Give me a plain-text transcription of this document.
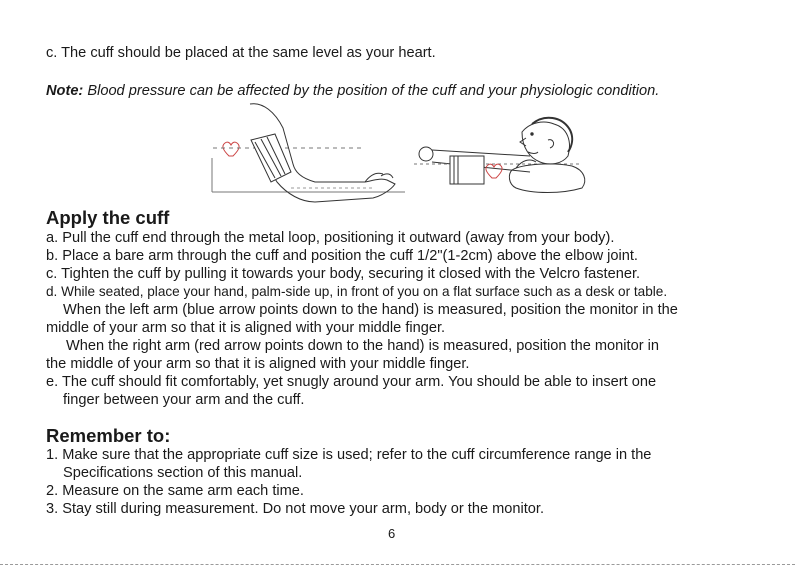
c. The cuff should be placed at the same level as your heart.
Note: Blood pressure can be affected by the position of the cuff and your physiologic condition.
Apply the cuff
a. Pull the cuff end through the metal loop, positioning it outward (away from your body).
b. Place a bare arm through the cuff and position the cuff 1/2"(1-2cm) above the elbow joint.
c. Tighten the cuff by pulling it towards your body, securing it closed with the Velcro fastener.
d. While seated, place your hand, palm-side up, in front of you on a flat surface such as a desk or table.
When the left arm (blue arrow points down to the hand) is measured, position the monitor in the
middle of your arm so that it is aligned with your middle finger.
When the right arm (red arrow points down to the hand) is measured, position the monitor in
the middle of your arm so that it is aligned with your middle finger.
e. The cuff should fit comfortably, yet snugly around your arm. You should be able to insert one
finger between your arm and the cuff.
Remember to:
1. Make sure that the appropriate cuff size is used; refer to the cuff circumference range in the
Specifications section of this manual.
2. Measure on the same arm each time.
3. Stay still during measurement. Do not move your arm, body or the monitor.
6
